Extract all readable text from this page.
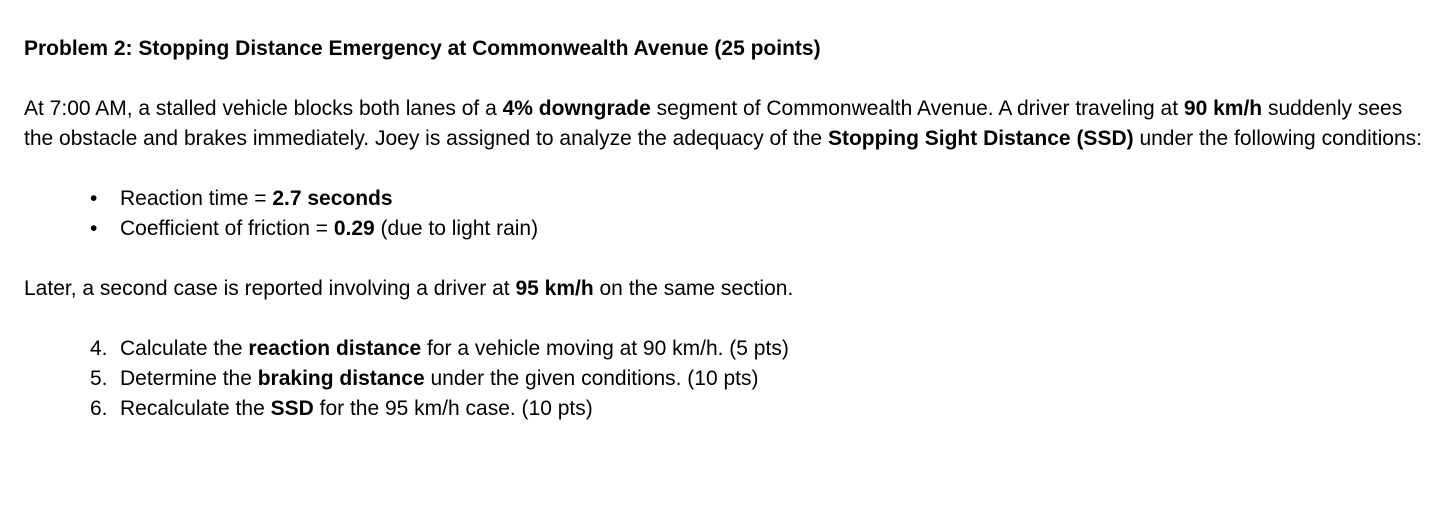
Problem 2: Stopping Distance Emergency at Commonwealth Avenue (25 points)

At 7:00 AM, a stalled vehicle blocks both lanes of a 4% downgrade segment of Commonwealth Avenue. A driver traveling at 90 km/h suddenly sees the obstacle and brakes immediately. Joey is assigned to analyze the adequacy of the Stopping Sight Distance (SSD) under the following conditions:

• Reaction time = 2.7 seconds
• Coefficient of friction = 0.29 (due to light rain)

Later, a second case is reported involving a driver at 95 km/h on the same section.

4. Calculate the reaction distance for a vehicle moving at 90 km/h. (5 pts)
5. Determine the braking distance under the given conditions. (10 pts)
6. Recalculate the SSD for the 95 km/h case. (10 pts)
